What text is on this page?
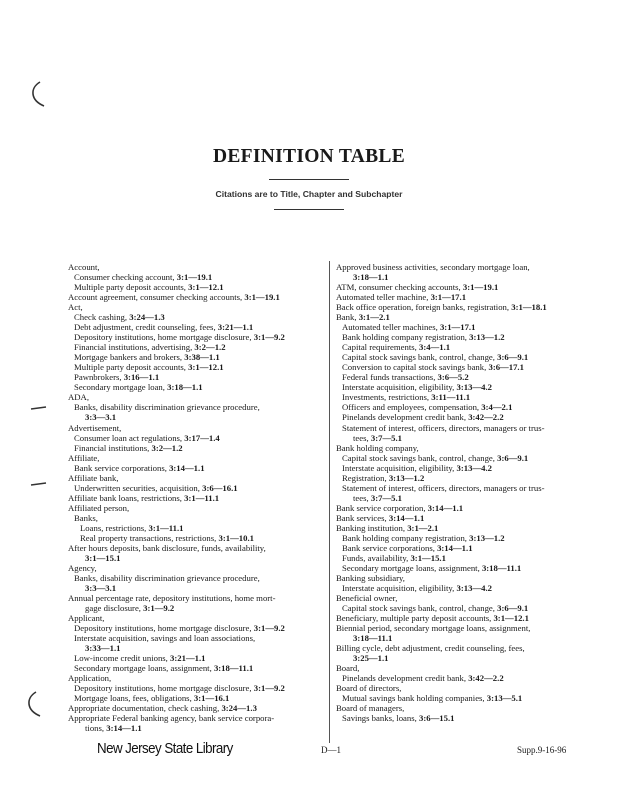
DEFINITION TABLE
Citations are to Title, Chapter and Subchapter
Account,
Consumer checking account, 3:1—19.1
Multiple party deposit accounts, 3:1—12.1
Account agreement, consumer checking accounts, 3:1—19.1
Act,
Check cashing, 3:24—1.3
Debt adjustment, credit counseling, fees, 3:21—1.1
Depository institutions, home mortgage disclosure, 3:1—9.2
Financial institutions, advertising, 3:2—1.2
Mortgage bankers and brokers, 3:38—1.1
Multiple party deposit accounts, 3:1—12.1
Pawnbrokers, 3:16—1.1
Secondary mortgage loan, 3:18—1.1
ADA,
Banks, disability discrimination grievance procedure,
3:3—3.1
Advertisement,
Consumer loan act regulations, 3:17—1.4
Financial institutions, 3:2—1.2
Affiliate,
Bank service corporations, 3:14—1.1
Affiliate bank,
Underwritten securities, acquisition, 3:6—16.1
Affiliate bank loans, restrictions, 3:1—11.1
Affiliated person,
Banks,
Loans, restrictions, 3:1—11.1
Real property transactions, restrictions, 3:1—10.1
After hours deposits, bank disclosure, funds, availability,
3:1—15.1
Agency,
Banks, disability discrimination grievance procedure,
3:3—3.1
Annual percentage rate, depository institutions, home mort-
gage disclosure, 3:1—9.2
Applicant,
Depository institutions, home mortgage disclosure, 3:1—9.2
Interstate acquisition, savings and loan associations,
3:33—1.1
Low-income credit unions, 3:21—1.1
Secondary mortgage loans, assignment, 3:18—11.1
Application,
Depository institutions, home mortgage disclosure, 3:1—9.2
Mortgage loans, fees, obligations, 3:1—16.1
Appropriate documentation, check cashing, 3:24—1.3
Appropriate Federal banking agency, bank service corpora-
tions, 3:14—1.1
Approved business activities, secondary mortgage loan,
3:18—1.1
ATM, consumer checking accounts, 3:1—19.1
Automated teller machine, 3:1—17.1
Back office operation, foreign banks, registration, 3:1—18.1
Bank, 3:1—2.1
Automated teller machines, 3:1—17.1
Bank holding company registration, 3:13—1.2
Capital requirements, 3:4—1.1
Capital stock savings bank, control, change, 3:6—9.1
Conversion to capital stock savings bank, 3:6—17.1
Federal funds transactions, 3:6—5.2
Interstate acquisition, eligibility, 3:13—4.2
Investments, restrictions, 3:11—11.1
Officers and employees, compensation, 3:4—2.1
Pinelands development credit bank, 3:42—2.2
Statement of interest, officers, directors, managers or trus-
tees, 3:7—5.1
Bank holding company,
Capital stock savings bank, control, change, 3:6—9.1
Interstate acquisition, eligibility, 3:13—4.2
Registration, 3:13—1.2
Statement of interest, officers, directors, managers or trus-
tees, 3:7—5.1
Bank service corporation, 3:14—1.1
Bank services, 3:14—1.1
Banking institution, 3:1—2.1
Bank holding company registration, 3:13—1.2
Bank service corporations, 3:14—1.1
Funds, availability, 3:1—15.1
Secondary mortgage loans, assignment, 3:18—11.1
Banking subsidiary,
Interstate acquisition, eligibility, 3:13—4.2
Beneficial owner,
Capital stock savings bank, control, change, 3:6—9.1
Beneficiary, multiple party deposit accounts, 3:1—12.1
Biennial period, secondary mortgage loans, assignment,
3:18—11.1
Billing cycle, debt adjustment, credit counseling, fees,
3:25—1.1
Board,
Pinelands development credit bank, 3:42—2.2
Board of directors,
Mutual savings bank holding companies, 3:13—5.1
Board of managers,
Savings banks, loans, 3:6—15.1
New Jersey State Library	D—1	Supp.9-16-96
